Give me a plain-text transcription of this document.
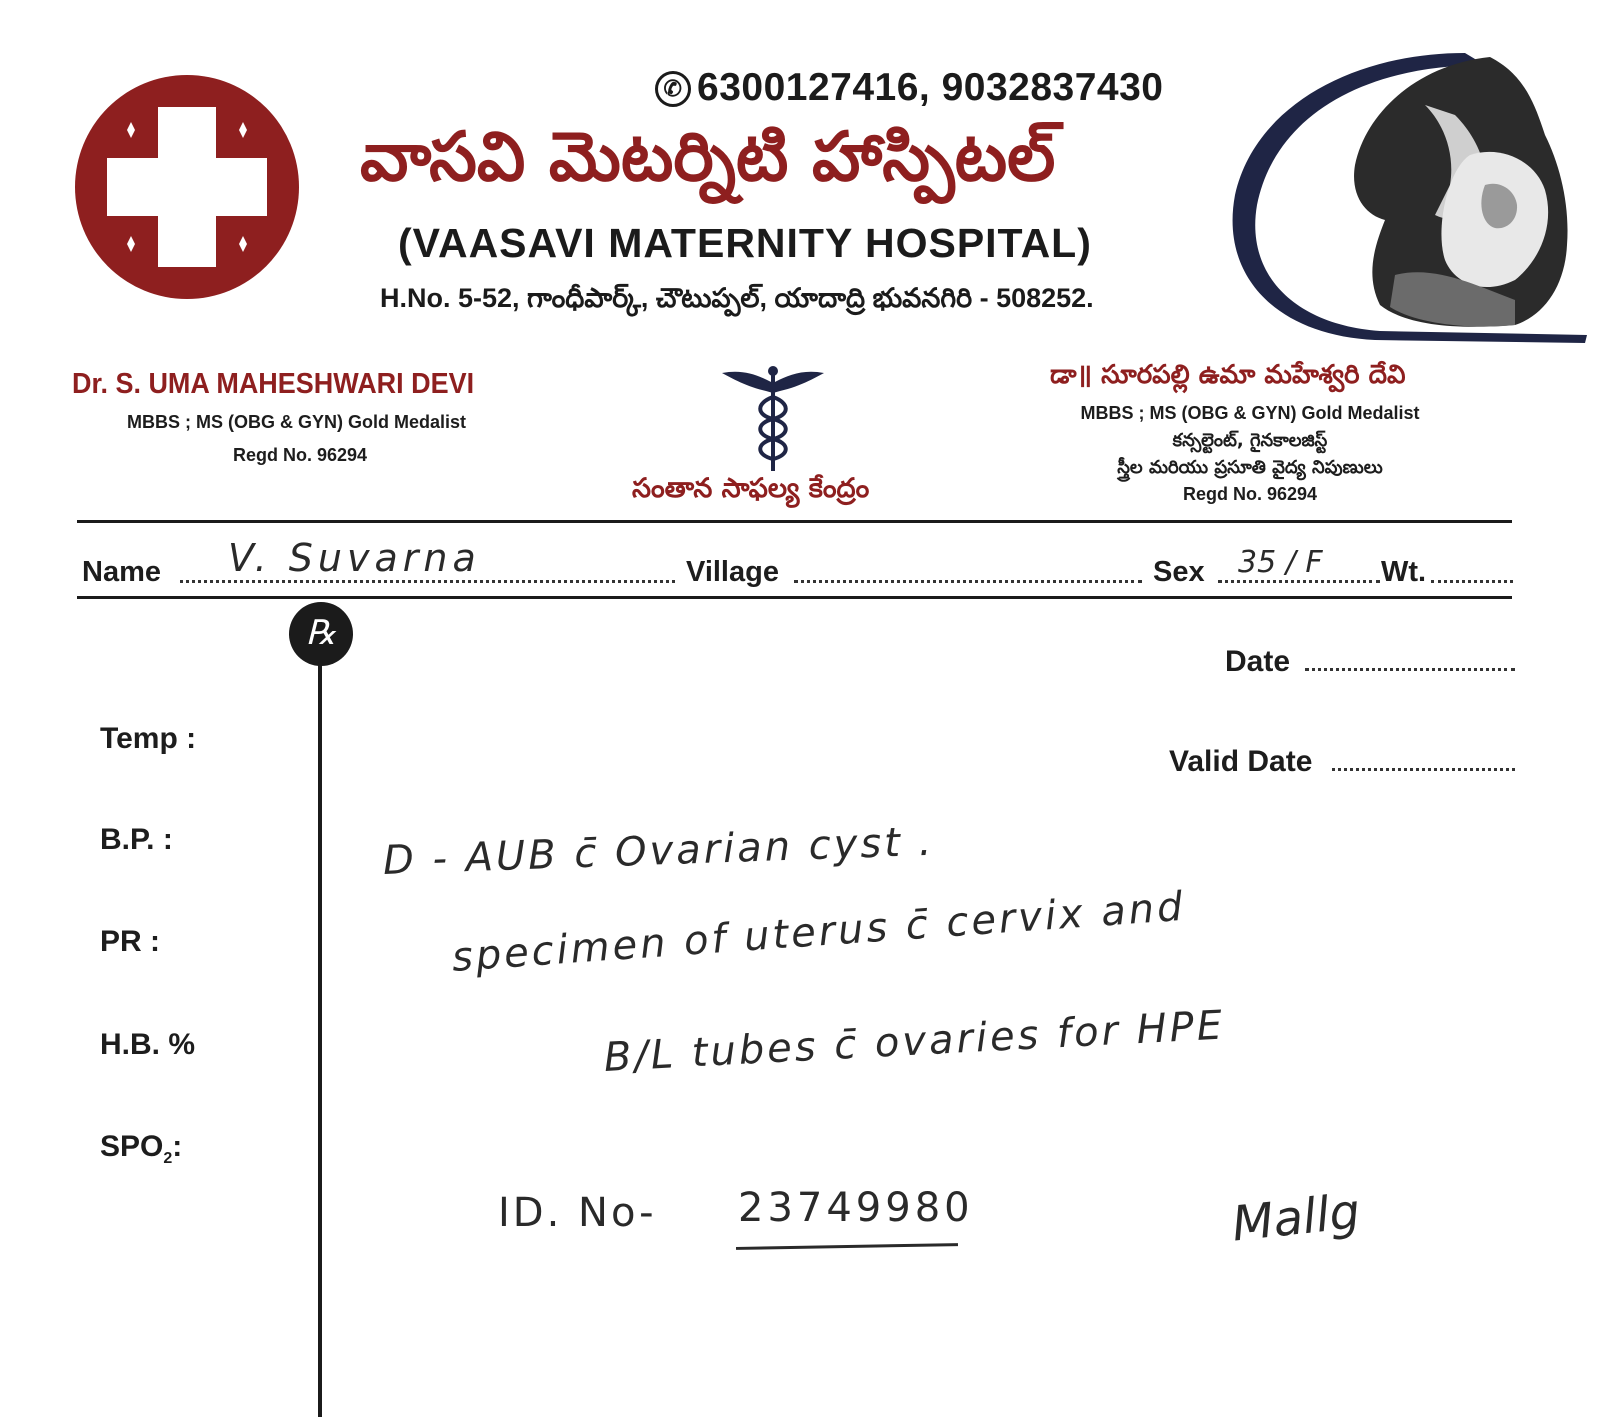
✆ 6300127416, 9032837430
వాసవి మెటర్నిటి హాస్పిటల్
(VAASAVI MATERNITY HOSPITAL)
H.No. 5-52, గాంధీపార్క్, చౌటుప్పల్, యాదాద్రి భువనగిరి - 508252.
Dr. S. UMA MAHESHWARI DEVI
MBBS ; MS (OBG & GYN) Gold Medalist
Regd No. 96294
సంతాన సాఫల్య కేంద్రం
డా॥ సూరపల్లి ఉమా మహేశ్వరి దేవి
MBBS ; MS (OBG & GYN) Gold Medalist
కన్సల్టెంట్, గైనకాలజిస్ట్
స్త్రీల మరియు ప్రసూతి వైద్య నిపుణులు
Regd No. 96294
Name V. Suvarna	Village	Sex 35 / F Wt.
℞
Temp :
B.P. :
PR :
H.B. %
$SPO_2$:
Date
Valid Date
D - AUB c̄ Ovarian cyst .
specimen of uterus c̄ cervix and
B/L tubes c̄ ovaries for HPE
ID. No- 23749980	Mallg
